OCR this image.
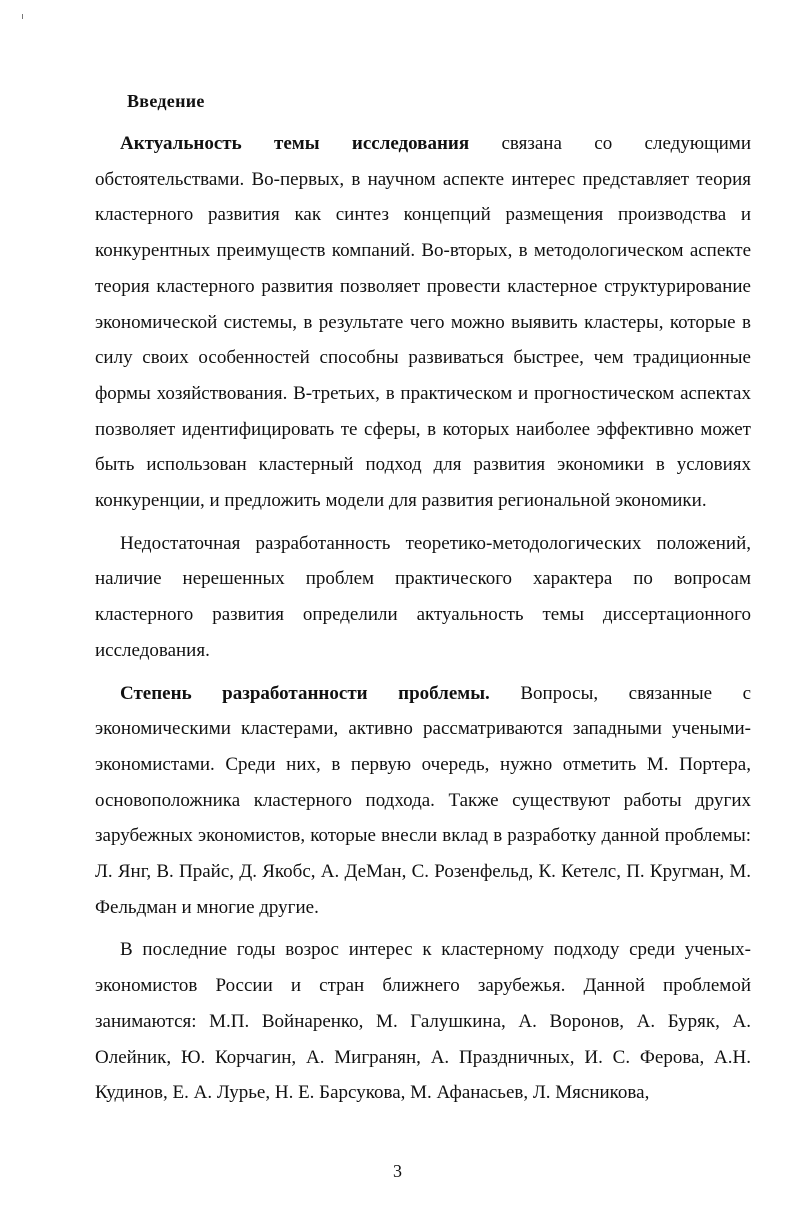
Введение

Актуальность темы исследования связана со следующими обстоятельствами. Во-первых, в научном аспекте интерес представляет теория кластерного развития как синтез концепций размещения производства и конкурентных преимуществ компаний. Во-вторых, в методологическом аспекте теория кластерного развития позволяет провести кластерное структурирование экономической системы, в результате чего можно выявить кластеры, которые в силу своих особенностей способны развиваться быстрее, чем традиционные формы хозяйствования. В-третьих, в практическом и прогностическом аспектах позволяет идентифицировать те сферы, в которых наиболее эффективно может быть использован кластерный подход для развития экономики в условиях конкуренции, и предложить модели для развития региональной экономики.

Недостаточная разработанность теоретико-методологических положений, наличие нерешенных проблем практического характера по вопросам кластерного развития определили актуальность темы диссертационного исследования.

Степень разработанности проблемы. Вопросы, связанные с экономическими кластерами, активно рассматриваются западными учеными-экономистами. Среди них, в первую очередь, нужно отметить М. Портера, основоположника кластерного подхода. Также существуют работы других зарубежных экономистов, которые внесли вклад в разработку данной проблемы: Л. Янг, В. Прайс, Д. Якобс, А. ДеМан, С. Розенфельд, К. Кетелс, П. Кругман, М. Фельдман и многие другие.

В последние годы возрос интерес к кластерному подходу среди ученых-экономистов России и стран ближнего зарубежья. Данной проблемой занимаются: М.П. Войнаренко, М. Галушкина, А. Воронов, А. Буряк, А. Олейник, Ю. Корчагин, А. Мигранян, А. Праздничных, И. С. Ферова, А.Н. Кудинов, Е. А. Лурье, Н. Е. Барсукова, М. Афанасьев, Л. Мясникова,

3
